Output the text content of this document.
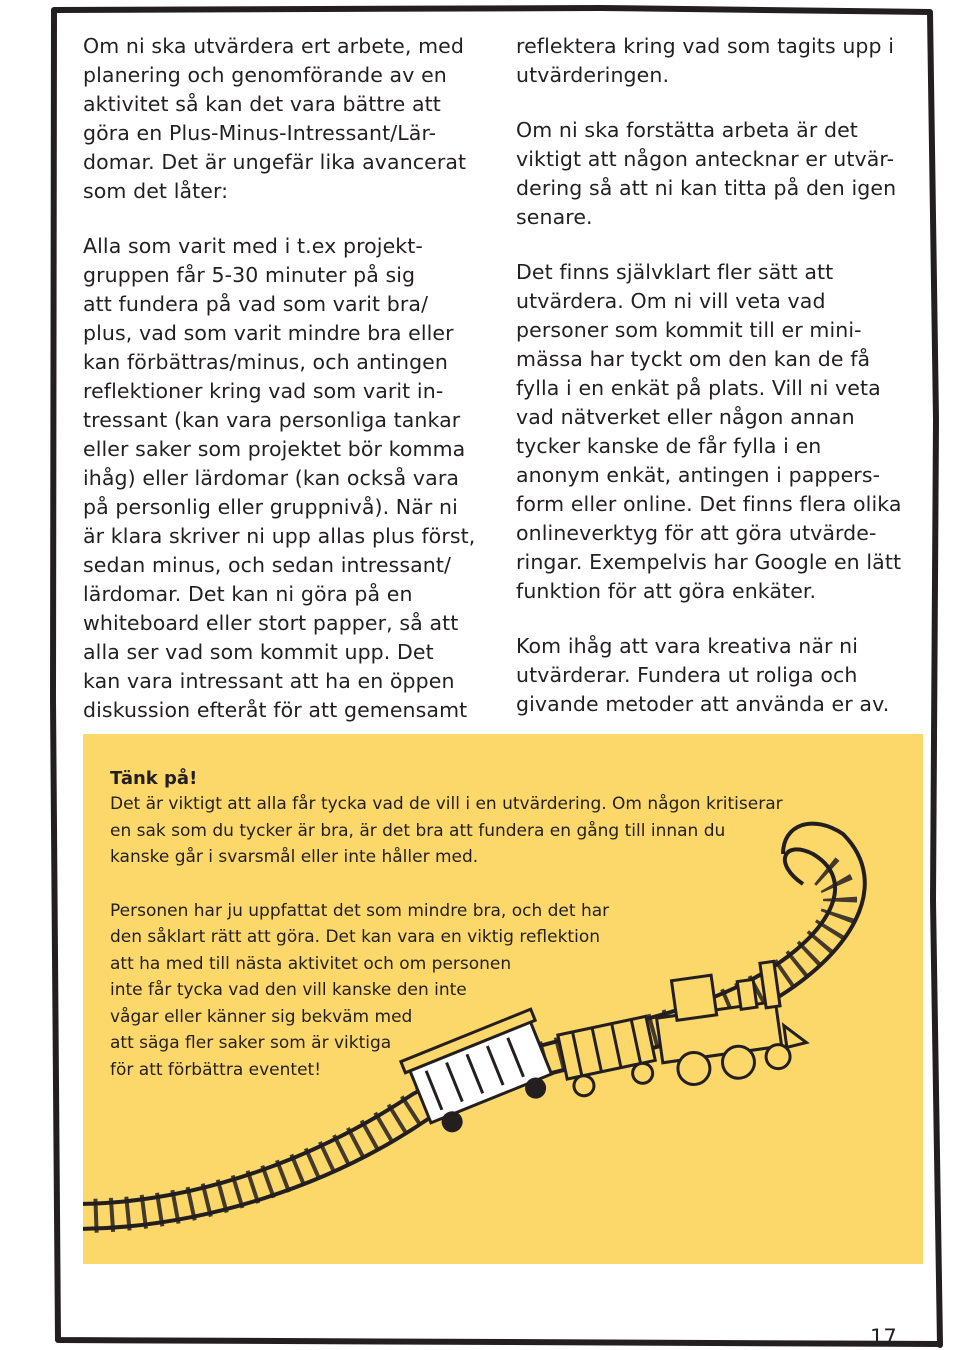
Om ni ska utvärdera ert arbete, med
planering och genomförande av en
aktivitet så kan det vara bättre att
göra en Plus-Minus-Intressant/Lär-
domar. Det är ungefär lika avancerat
som det låter:

Alla som varit med i t.ex projekt-
gruppen får 5-30 minuter på sig
att fundera på vad som varit bra/
plus, vad som varit mindre bra eller
kan förbättras/minus, och antingen
reflektioner kring vad som varit in-
tressant (kan vara personliga tankar
eller saker som projektet bör komma
ihåg) eller lärdomar (kan också vara
på personlig eller gruppnivå). När ni
är klara skriver ni upp allas plus först,
sedan minus, och sedan intressant/
lärdomar. Det kan ni göra på en
whiteboard eller stort papper, så att
alla ser vad som kommit upp. Det
kan vara intressant att ha en öppen
diskussion efteråt för att gemensamt

reflektera kring vad som tagits upp i
utvärderingen.

Om ni ska forstätta arbeta är det
viktigt att någon antecknar er utvär-
dering så att ni kan titta på den igen
senare.

Det finns självklart fler sätt att
utvärdera. Om ni vill veta vad
personer som kommit till er mini-
mässa har tyckt om den kan de få
fylla i en enkät på plats. Vill ni veta
vad nätverket eller någon annan
tycker kanske de får fylla i en
anonym enkät, antingen i pappers-
form eller online. Det finns flera olika
onlineverktyg för att göra utvärde-
ringar. Exempelvis har Google en lätt
funktion för att göra enkäter.

Kom ihåg att vara kreativa när ni
utvärderar. Fundera ut roliga och
givande metoder att använda er av.

Tänk på!

Det är viktigt att alla får tycka vad de vill i en utvärdering. Om någon kritiserar
en sak som du tycker är bra, är det bra att fundera en gång till innan du
kanske går i svarsmål eller inte håller med.

Personen har ju uppfattat det som mindre bra, och det har
den såklart rätt att göra. Det kan vara en viktig reflektion
att ha med till nästa aktivitet och om personen
inte får tycka vad den vill kanske den inte
vågar eller känner sig bekväm med
att säga fler saker som är viktiga
för att förbättra eventet!

17
